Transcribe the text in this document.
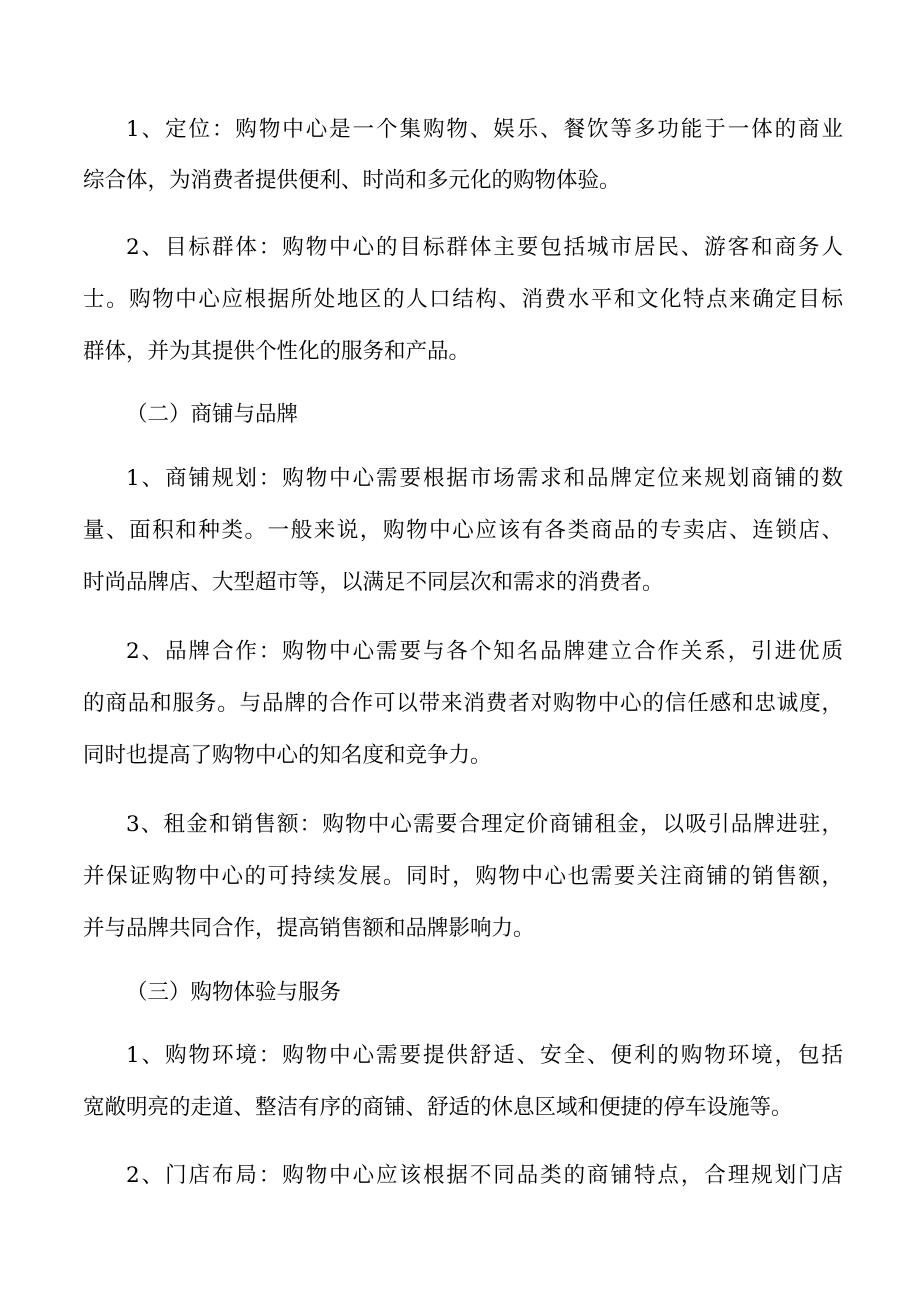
1、定位：购物中心是一个集购物、娱乐、餐饮等多功能于一体的商业
综合体，为消费者提供便利、时尚和多元化的购物体验。
2、目标群体：购物中心的目标群体主要包括城市居民、游客和商务人
士。购物中心应根据所处地区的人口结构、消费水平和文化特点来确定目标
群体，并为其提供个性化的服务和产品。
（二）商铺与品牌
1、商铺规划：购物中心需要根据市场需求和品牌定位来规划商铺的数
量、面积和种类。一般来说，购物中心应该有各类商品的专卖店、连锁店、
时尚品牌店、大型超市等，以满足不同层次和需求的消费者。
2、品牌合作：购物中心需要与各个知名品牌建立合作关系，引进优质
的商品和服务。与品牌的合作可以带来消费者对购物中心的信任感和忠诚度，
同时也提高了购物中心的知名度和竞争力。
3、租金和销售额：购物中心需要合理定价商铺租金，以吸引品牌进驻，
并保证购物中心的可持续发展。同时，购物中心也需要关注商铺的销售额，
并与品牌共同合作，提高销售额和品牌影响力。
（三）购物体验与服务
1、购物环境：购物中心需要提供舒适、安全、便利的购物环境，包括
宽敞明亮的走道、整洁有序的商铺、舒适的休息区域和便捷的停车设施等。
2、门店布局：购物中心应该根据不同品类的商铺特点，合理规划门店
